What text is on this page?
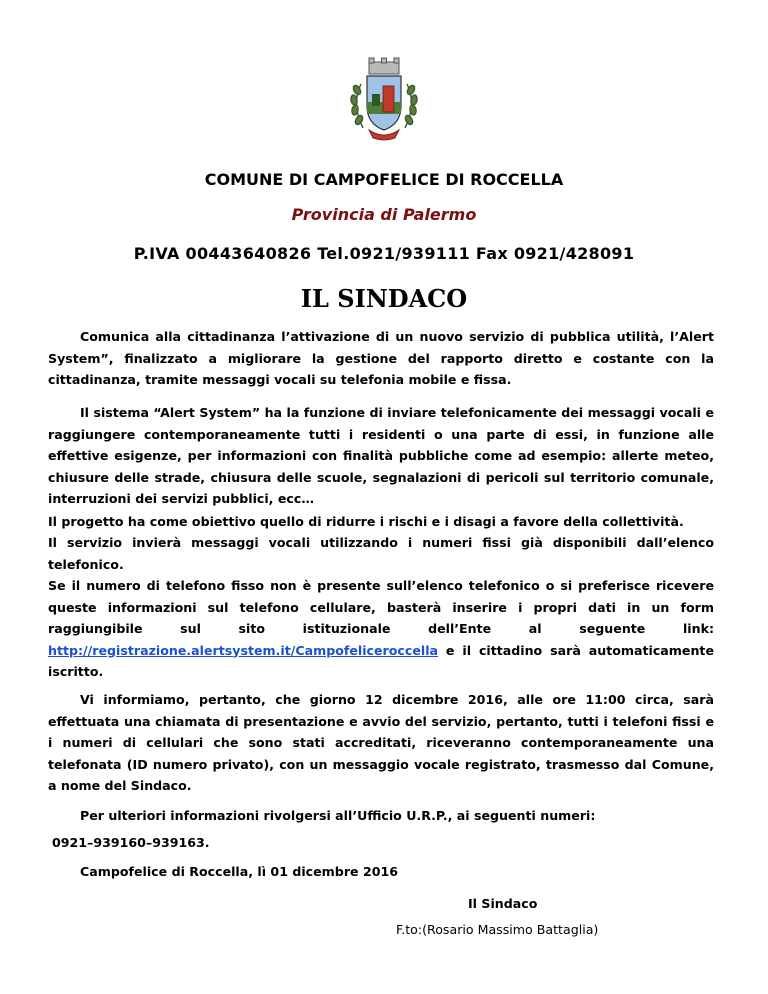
COMUNE DI CAMPOFELICE DI ROCCELLA
Provincia di Palermo
P.IVA 00443640826 Tel.0921/939111 Fax 0921/428091
IL SINDACO
Comunica alla cittadinanza l’attivazione di un nuovo servizio di pubblica utilità, l’Alert System”, finalizzato a migliorare la gestione del rapporto diretto e costante con la cittadinanza, tramite messaggi vocali su telefonia mobile e fissa.
Il sistema “Alert System” ha la funzione di inviare telefonicamente dei messaggi vocali e raggiungere contemporaneamente tutti i residenti o una parte di essi, in funzione alle effettive esigenze, per informazioni con finalità pubbliche come ad esempio: allerte meteo, chiusure delle strade, chiusura delle scuole, segnalazioni di pericoli sul territorio comunale, interruzioni dei servizi pubblici, ecc…
Il progetto ha come obiettivo quello di ridurre i rischi e i disagi a favore della collettività.
Il servizio invierà messaggi vocali utilizzando i numeri fissi già disponibili dall’elenco telefonico.
Se il numero di telefono fisso non è presente sull’elenco telefonico o si preferisce ricevere queste informazioni sul telefono cellulare, basterà inserire i propri dati in un form raggiungibile sul sito istituzionale dell’Ente al seguente link: http://registrazione.alertsystem.it/Campofeliceroccella e il cittadino sarà automaticamente iscritto.
Vi informiamo, pertanto, che giorno 12 dicembre 2016, alle ore 11:00 circa, sarà effettuata una chiamata di presentazione e avvio del servizio, pertanto, tutti i telefoni fissi e i numeri di cellulari che sono stati accreditati, riceveranno contemporaneamente una telefonata (ID numero privato), con un messaggio vocale registrato, trasmesso dal Comune, a nome del Sindaco.
Per ulteriori informazioni rivolgersi all’Ufficio U.R.P., ai seguenti numeri:
0921–939160–939163.
Campofelice di Roccella, lì 01 dicembre 2016
Il Sindaco
F.to:(Rosario Massimo Battaglia)
